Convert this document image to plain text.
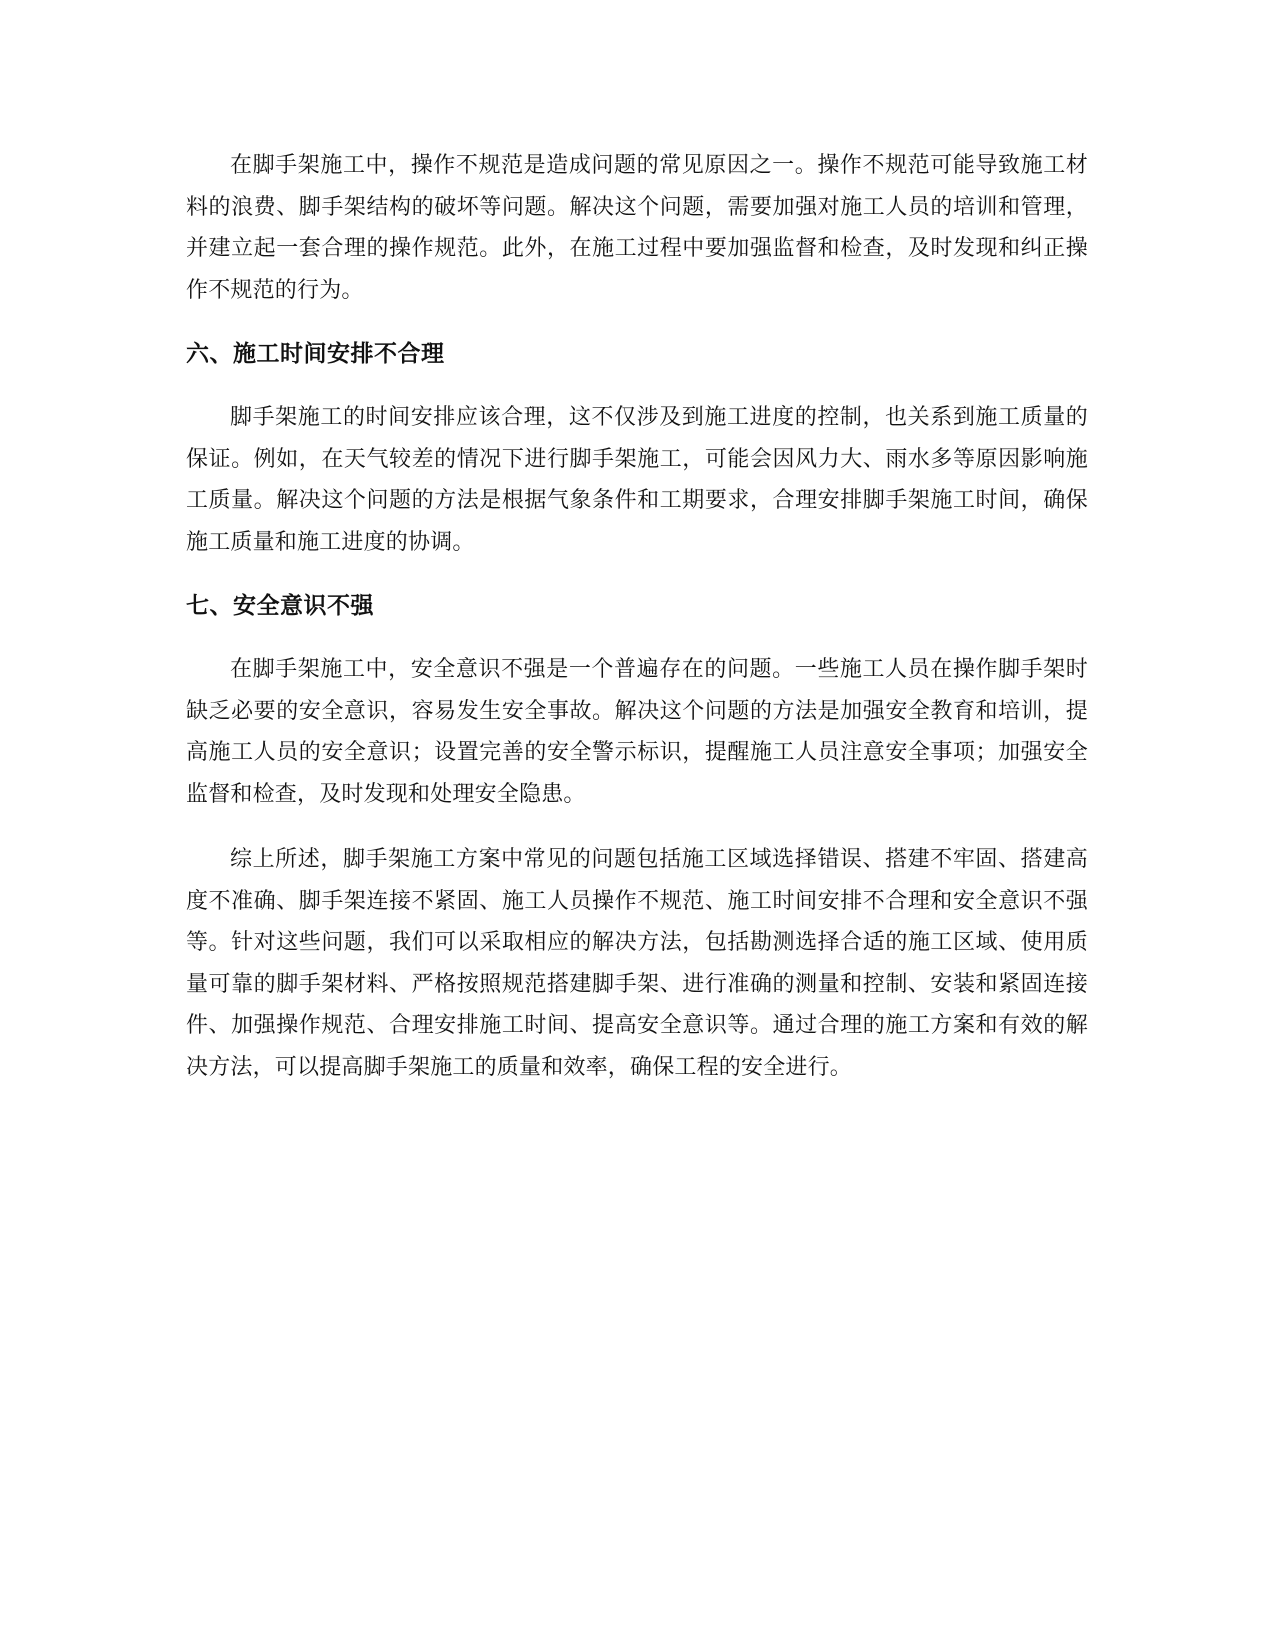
在脚手架施工中，操作不规范是造成问题的常见原因之一。操作不规范可能导致施工材料的浪费、脚手架结构的破坏等问题。解决这个问题，需要加强对施工人员的培训和管理，并建立起一套合理的操作规范。此外，在施工过程中要加强监督和检查，及时发现和纠正操作不规范的行为。

六、施工时间安排不合理

脚手架施工的时间安排应该合理，这不仅涉及到施工进度的控制，也关系到施工质量的保证。例如，在天气较差的情况下进行脚手架施工，可能会因风力大、雨水多等原因影响施工质量。解决这个问题的方法是根据气象条件和工期要求，合理安排脚手架施工时间，确保施工质量和施工进度的协调。

七、安全意识不强

在脚手架施工中，安全意识不强是一个普遍存在的问题。一些施工人员在操作脚手架时缺乏必要的安全意识，容易发生安全事故。解决这个问题的方法是加强安全教育和培训，提高施工人员的安全意识；设置完善的安全警示标识，提醒施工人员注意安全事项；加强安全监督和检查，及时发现和处理安全隐患。

综上所述，脚手架施工方案中常见的问题包括施工区域选择错误、搭建不牢固、搭建高度不准确、脚手架连接不紧固、施工人员操作不规范、施工时间安排不合理和安全意识不强等。针对这些问题，我们可以采取相应的解决方法，包括勘测选择合适的施工区域、使用质量可靠的脚手架材料、严格按照规范搭建脚手架、进行准确的测量和控制、安装和紧固连接件、加强操作规范、合理安排施工时间、提高安全意识等。通过合理的施工方案和有效的解决方法，可以提高脚手架施工的质量和效率，确保工程的安全进行。
